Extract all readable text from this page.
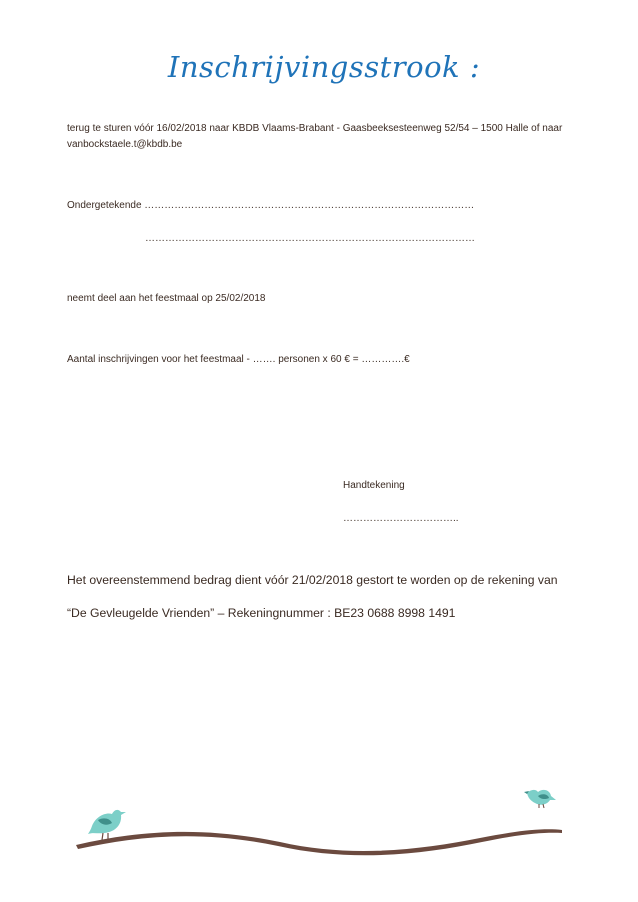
Inschrijvingsstrook :
terug te sturen vóór 16/02/2018 naar KBDB Vlaams-Brabant - Gaasbeeksesteenweg 52/54 – 1500 Halle of naar
vanbockstaele.t@kbdb.be
Ondergetekende ………………………………………………………………………………………
………………………………………………………………………………………
neemt deel aan het feestmaal op 25/02/2018
Aantal inschrijvingen voor het feestmaal - ……. personen x 60 € = ………….€
Handtekening
……………………………..
Het overeenstemmend bedrag dient vóór 21/02/2018 gestort te worden op de rekening van
“De Gevleugelde Vrienden” – Rekeningnummer : BE23 0688 8998 1491
